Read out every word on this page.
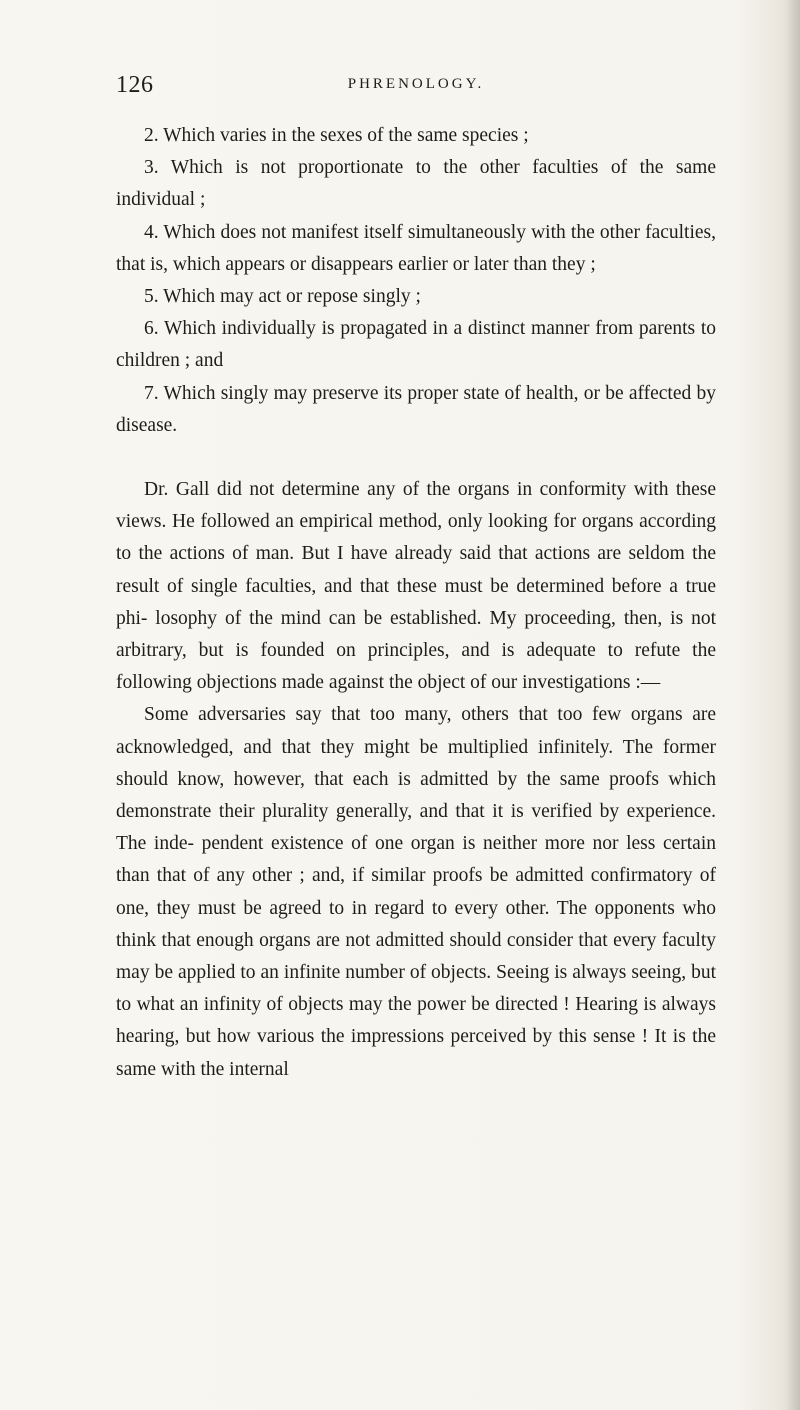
126	PHRENOLOGY.

2. Which varies in the sexes of the same species ;

3. Which is not proportionate to the other faculties of the same individual ;

4. Which does not manifest itself simultaneously with the other faculties, that is, which appears or disappears earlier or later than they ;

5. Which may act or repose singly ;

6. Which individually is propagated in a distinct manner from parents to children ; and

7. Which singly may preserve its proper state of health, or be affected by disease.

Dr. Gall did not determine any of the organs in conformity with these views. He followed an empirical method, only looking for organs according to the actions of man. But I have already said that actions are seldom the result of single faculties, and that these must be determined before a true phi- losophy of the mind can be established. My proceeding, then, is not arbitrary, but is founded on principles, and is adequate to refute the following objections made against the object of our investigations :—

Some adversaries say that too many, others that too few organs are acknowledged, and that they might be multiplied infinitely. The former should know, however, that each is admitted by the same proofs which demonstrate their plurality generally, and that it is verified by experience. The inde- pendent existence of one organ is neither more nor less certain than that of any other ; and, if similar proofs be admitted confirmatory of one, they must be agreed to in regard to every other. The opponents who think that enough organs are not admitted should consider that every faculty may be applied to an infinite number of objects. Seeing is always seeing, but to what an infinity of objects may the power be directed ! Hearing is always hearing, but how various the impressions perceived by this sense ! It is the same with the internal
